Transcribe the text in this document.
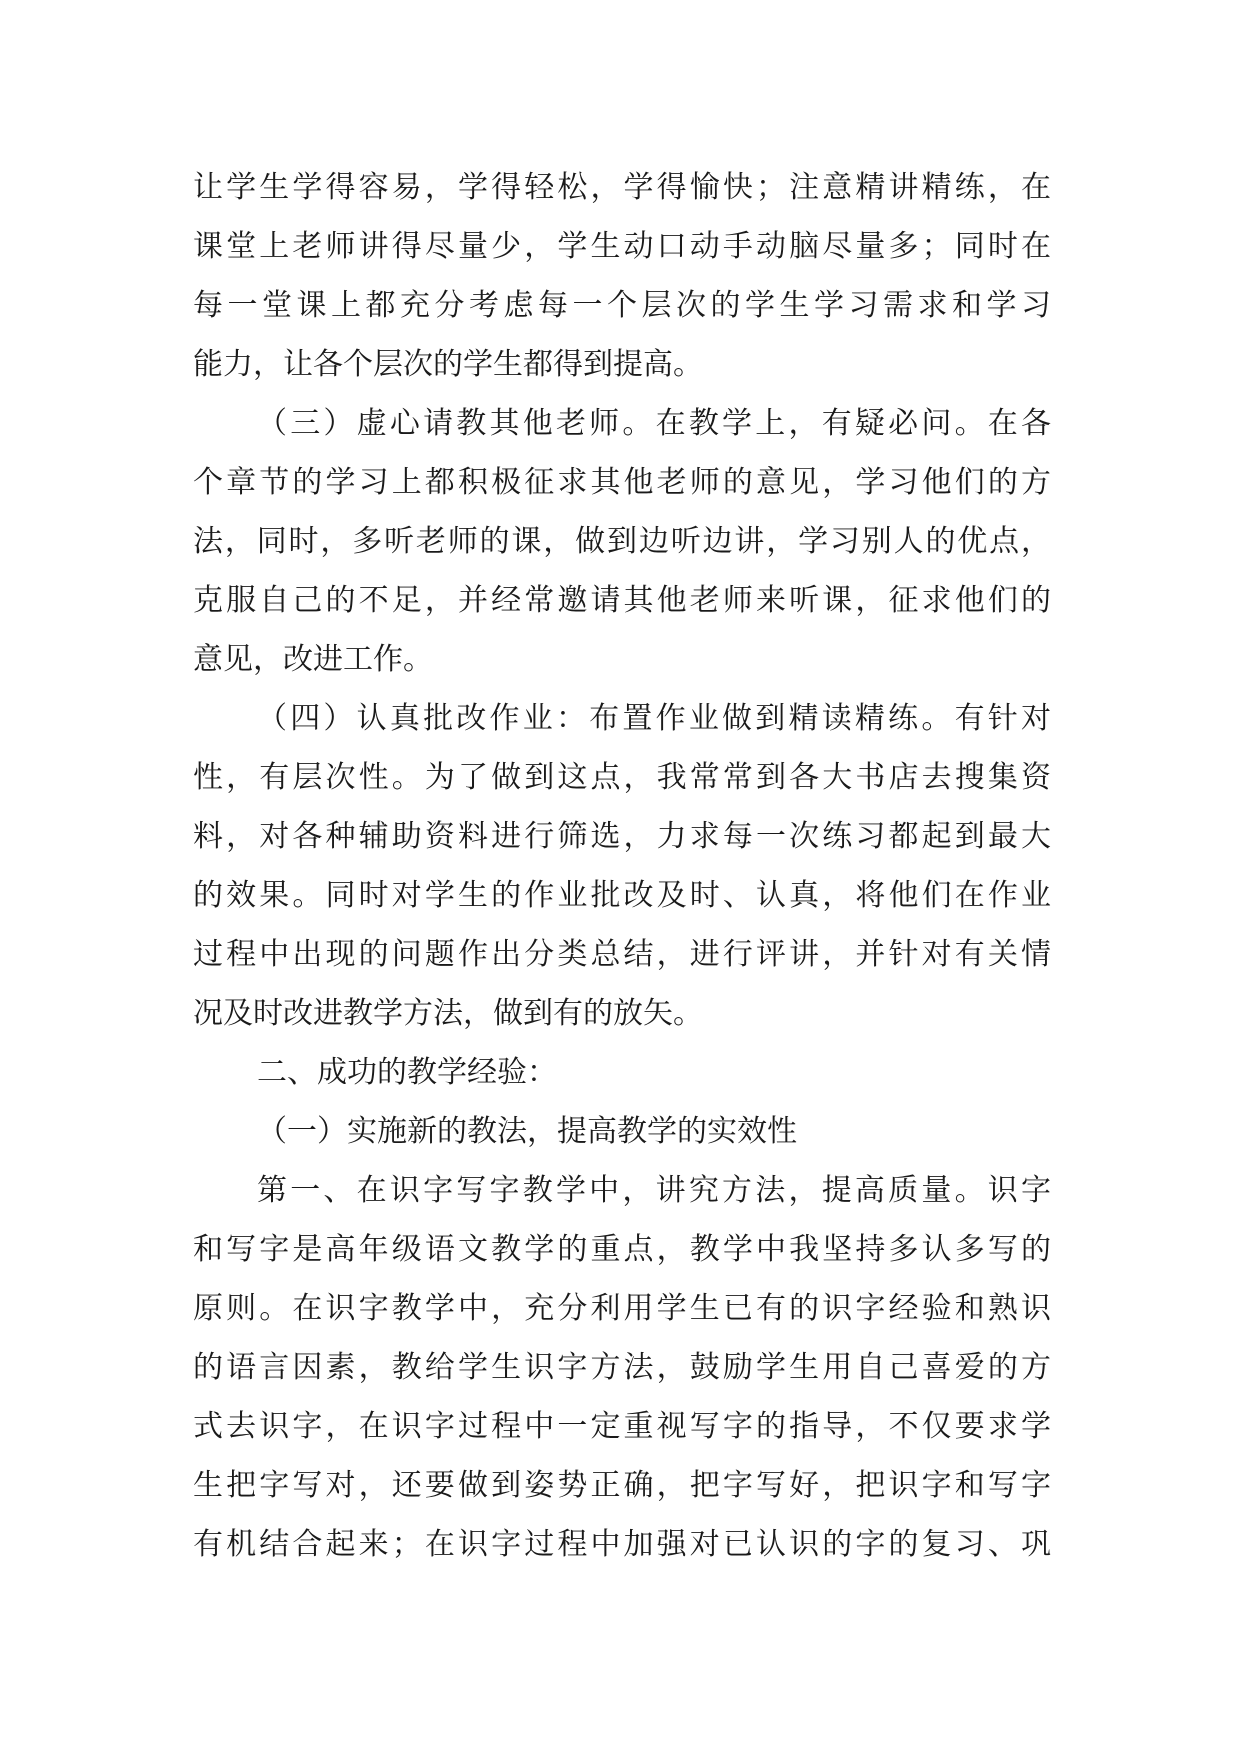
让学生学得容易，学得轻松，学得愉快；注意精讲精练，在
课堂上老师讲得尽量少，学生动口动手动脑尽量多；同时在
每一堂课上都充分考虑每一个层次的学生学习需求和学习
能力，让各个层次的学生都得到提高。
（三）虚心请教其他老师。在教学上，有疑必问。在各
个章节的学习上都积极征求其他老师的意见，学习他们的方
法，同时，多听老师的课，做到边听边讲，学习别人的优点，
克服自己的不足，并经常邀请其他老师来听课，征求他们的
意见，改进工作。
（四）认真批改作业：布置作业做到精读精练。有针对
性，有层次性。为了做到这点，我常常到各大书店去搜集资
料，对各种辅助资料进行筛选，力求每一次练习都起到最大
的效果。同时对学生的作业批改及时、认真，将他们在作业
过程中出现的问题作出分类总结，进行评讲，并针对有关情
况及时改进教学方法，做到有的放矢。
二、成功的教学经验：
（一）实施新的教法，提高教学的实效性
第一、在识字写字教学中，讲究方法，提高质量。识字
和写字是高年级语文教学的重点，教学中我坚持多认多写的
原则。在识字教学中，充分利用学生已有的识字经验和熟识
的语言因素，教给学生识字方法，鼓励学生用自己喜爱的方
式去识字，在识字过程中一定重视写字的指导，不仅要求学
生把字写对，还要做到姿势正确，把字写好，把识字和写字
有机结合起来；在识字过程中加强对已认识的字的复习、巩
